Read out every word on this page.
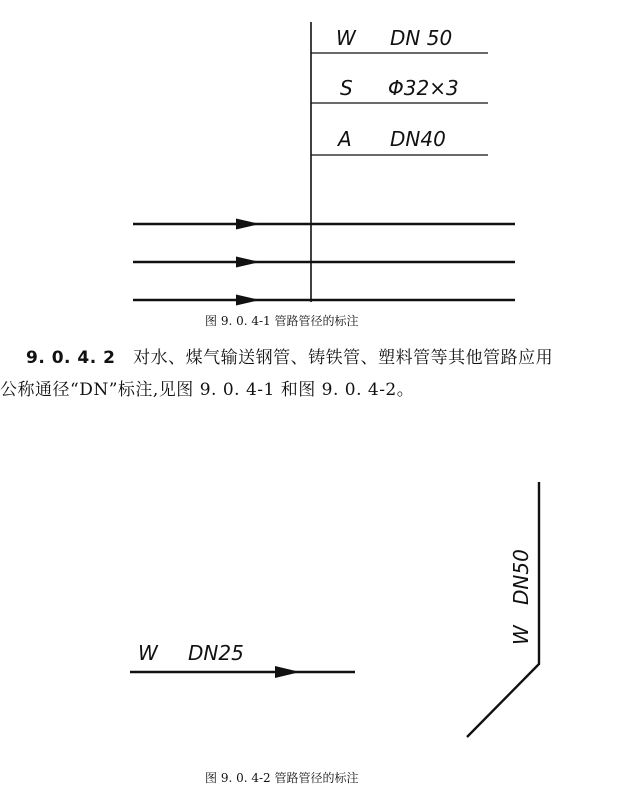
W DN 50
S Φ32×3
A DN40
图 9. 0. 4-1 管路管径的标注
9. 0. 4. 2 对水、煤气输送钢管、铸铁管、塑料管等其他管路应用
公称通径“DN”标注,见图 9. 0. 4-1 和图 9. 0. 4-2。
W DN25
W
DN50
图 9. 0. 4-2 管路管径的标注
